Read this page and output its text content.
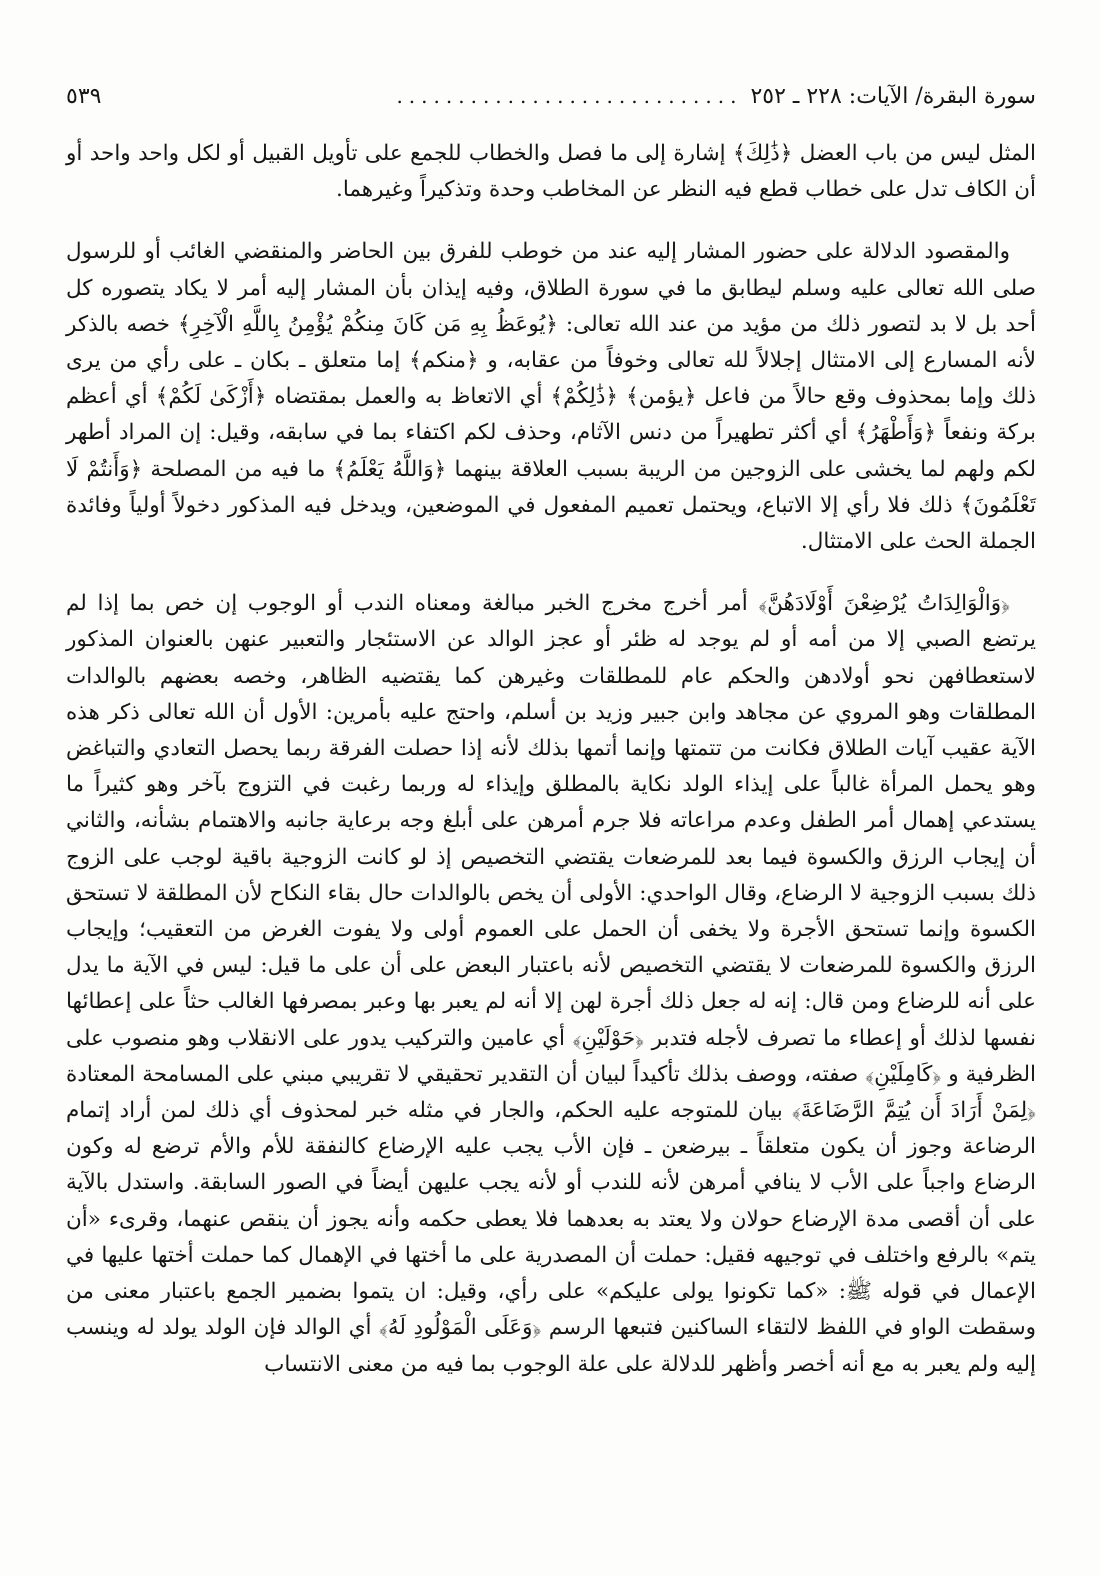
سورة البقرة/ الآيات: ٢٢٨ ـ ٢٥٢
............................
٥٣٩

المثل ليس من باب العضل ﴿ذَٰلِكَ﴾ إشارة إلى ما فصل والخطاب للجمع على تأويل القبيل أو لكل واحد واحد أو أن الكاف تدل على خطاب قطع فيه النظر عن المخاطب وحدة وتذكيراً وغيرهما.

والمقصود الدلالة على حضور المشار إليه عند من خوطب للفرق بين الحاضر والمنقضي الغائب أو للرسول صلى الله تعالى عليه وسلم ليطابق ما في سورة الطلاق، وفيه إيذان بأن المشار إليه أمر لا يكاد يتصوره كل أحد بل لا بد لتصور ذلك من مؤيد من عند الله تعالى: ﴿يُوعَظُ بِهِ مَن كَانَ مِنكُمْ يُؤْمِنُ بِاللَّهِ الْآخِرِ﴾ خصه بالذكر لأنه المسارع إلى الامتثال إجلالاً لله تعالى وخوفاً من عقابه، و ﴿منكم﴾ إما متعلق ـ بكان ـ على رأي من يرى ذلك وإما بمحذوف وقع حالاً من فاعل ﴿يؤمن﴾ ﴿ذَٰلِكُمْ﴾ أي الاتعاظ به والعمل بمقتضاه ﴿أَزْكَىٰ لَكُمْ﴾ أي أعظم بركة ونفعاً ﴿وَأَطْهَرُ﴾ أي أكثر تطهيراً من دنس الآثام، وحذف لكم اكتفاء بما في سابقه، وقيل: إن المراد أطهر لكم ولهم لما يخشى على الزوجين من الريبة بسبب العلاقة بينهما ﴿وَاللَّهُ يَعْلَمُ﴾ ما فيه من المصلحة ﴿وَأَنتُمْ لَا تَعْلَمُونَ﴾ ذلك فلا رأي إلا الاتباع، ويحتمل تعميم المفعول في الموضعين، ويدخل فيه المذكور دخولاً أولياً وفائدة الجملة الحث على الامتثال.

﴿وَالْوَالِدَاتُ يُرْضِعْنَ أَوْلَادَهُنَّ﴾ أمر أخرج مخرج الخبر مبالغة ومعناه الندب أو الوجوب إن خص بما إذا لم يرتضع الصبي إلا من أمه أو لم يوجد له ظئر أو عجز الوالد عن الاستئجار والتعبير عنهن بالعنوان المذكور لاستعطافهن نحو أولادهن والحكم عام للمطلقات وغيرهن كما يقتضيه الظاهر، وخصه بعضهم بالوالدات المطلقات وهو المروي عن مجاهد وابن جبير وزيد بن أسلم، واحتج عليه بأمرين: الأول أن الله تعالى ذكر هذه الآية عقيب آيات الطلاق فكانت من تتمتها وإنما أتمها بذلك لأنه إذا حصلت الفرقة ربما يحصل التعادي والتباغض وهو يحمل المرأة غالباً على إيذاء الولد نكاية بالمطلق وإيذاء له وربما رغبت في التزوج بآخر وهو كثيراً ما يستدعي إهمال أمر الطفل وعدم مراعاته فلا جرم أمرهن على أبلغ وجه برعاية جانبه والاهتمام بشأنه، والثاني أن إيجاب الرزق والكسوة فيما بعد للمرضعات يقتضي التخصيص إذ لو كانت الزوجية باقية لوجب على الزوج ذلك بسبب الزوجية لا الرضاع، وقال الواحدي: الأولى أن يخص بالوالدات حال بقاء النكاح لأن المطلقة لا تستحق الكسوة وإنما تستحق الأجرة ولا يخفى أن الحمل على العموم أولى ولا يفوت الغرض من التعقيب؛ وإيجاب الرزق والكسوة للمرضعات لا يقتضي التخصيص لأنه باعتبار البعض على أن على ما قيل: ليس في الآية ما يدل على أنه للرضاع ومن قال: إنه له جعل ذلك أجرة لهن إلا أنه لم يعبر بها وعبر بمصرفها الغالب حثاً على إعطائها نفسها لذلك أو إعطاء ما تصرف لأجله فتدبر ﴿حَوْلَيْنِ﴾ أي عامين والتركيب يدور على الانقلاب وهو منصوب على الظرفية و ﴿كَامِلَيْنِ﴾ صفته، ووصف بذلك تأكيداً لبيان أن التقدير تحقيقي لا تقريبي مبني على المسامحة المعتادة ﴿لِمَنْ أَرَادَ أَن يُتِمَّ الرَّضَاعَةَ﴾ بيان للمتوجه عليه الحكم، والجار في مثله خبر لمحذوف أي ذلك لمن أراد إتمام الرضاعة وجوز أن يكون متعلقاً ـ بيرضعن ـ فإن الأب يجب عليه الإرضاع كالنفقة للأم والأم ترضع له وكون الرضاع واجباً على الأب لا ينافي أمرهن لأنه للندب أو لأنه يجب عليهن أيضاً في الصور السابقة. واستدل بالآية على أن أقصى مدة الإرضاع حولان ولا يعتد به بعدهما فلا يعطى حكمه وأنه يجوز أن ينقص عنهما، وقرىء «أن يتم» بالرفع واختلف في توجيهه فقيل: حملت أن المصدرية على ما أختها في الإهمال كما حملت أختها عليها في الإعمال في قوله ﷺ: «كما تكونوا يولى عليكم» على رأي، وقيل: ان يتموا بضمير الجمع باعتبار معنى من وسقطت الواو في اللفظ لالتقاء الساكنين فتبعها الرسم ﴿وَعَلَى الْمَوْلُودِ لَهُ﴾ أي الوالد فإن الولد يولد له وينسب إليه ولم يعبر به مع أنه أخصر وأظهر للدلالة على علة الوجوب بما فيه من معنى الانتساب
